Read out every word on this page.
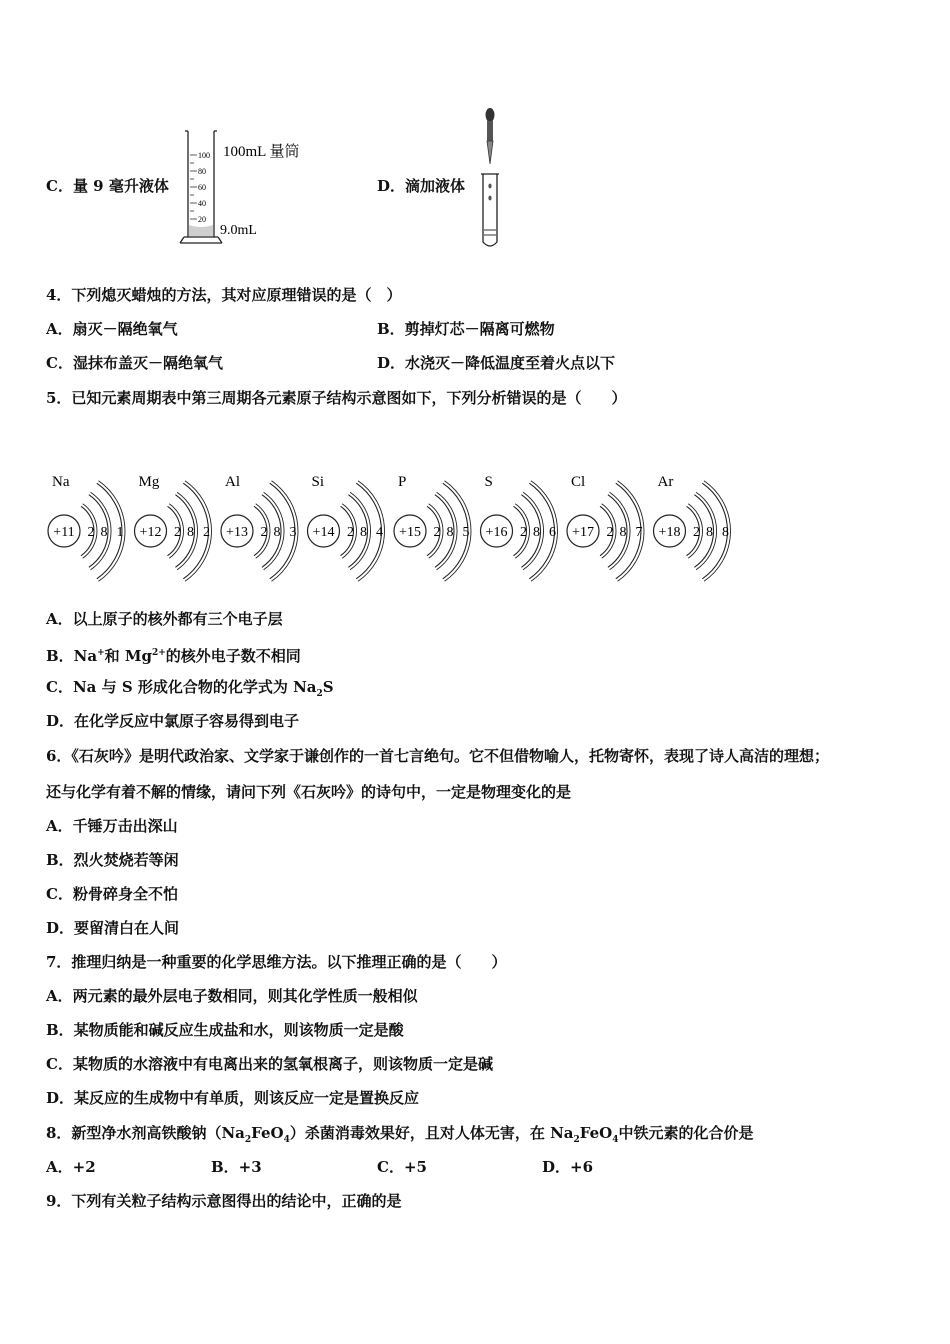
C．量 9 毫升液体
100
80
60
40
20
100mL 量筒
9.0mL
D．滴加液体
4．下列熄灭蜡烛的方法，其对应原理错误的是（　）
A．扇灭－隔绝氧气	B．剪掉灯芯－隔离可燃物
C．湿抹布盖灭－隔绝氧气	D．水浇灭－降低温度至着火点以下
5．已知元素周期表中第三周期各元素原子结构示意图如下，下列分析错误的是（　　）
Na
+11 2 8 1
Mg
+12 2 8 2
Al
+13 2 8 3
Si
+14 2 8 4
P
+15 2 8 5
S
+16 2 8 6
Cl
+17 2 8 7
Ar
+18 2 8 8
A．以上原子的核外都有三个电子层
B．Na+和 $Mg^{2+}$的核外电子数不相同
C．Na 与 S 形成化合物的化学式为 $Na_2S$
D．在化学反应中氯原子容易得到电子
6．《石灰吟》是明代政治家、文学家于谦创作的一首七言绝句。它不但借物喻人，托物寄怀，表现了诗人高洁的理想；
还与化学有着不解的情缘，请问下列《石灰吟》的诗句中，一定是物理变化的是
A．千锤万击出深山
B．烈火焚烧若等闲
C．粉骨碎身全不怕
D．要留清白在人间
7．推理归纳是一种重要的化学思维方法。以下推理正确的是（　　）
A．两元素的最外层电子数相同，则其化学性质一般相似
B．某物质能和碱反应生成盐和水，则该物质一定是酸
C．某物质的水溶液中有电离出来的氢氧根离子，则该物质一定是碱
D．某反应的生成物中有单质，则该反应一定是置换反应
8．新型净水剂高铁酸钠$(Na_2FeO_4)$杀菌消毒效果好，且对人体无害，在 $Na_2FeO_4$中铁元素的化合价是
A．+2	B．+3	C．+5	D．+6
9．下列有关粒子结构示意图得出的结论中，正确的是
